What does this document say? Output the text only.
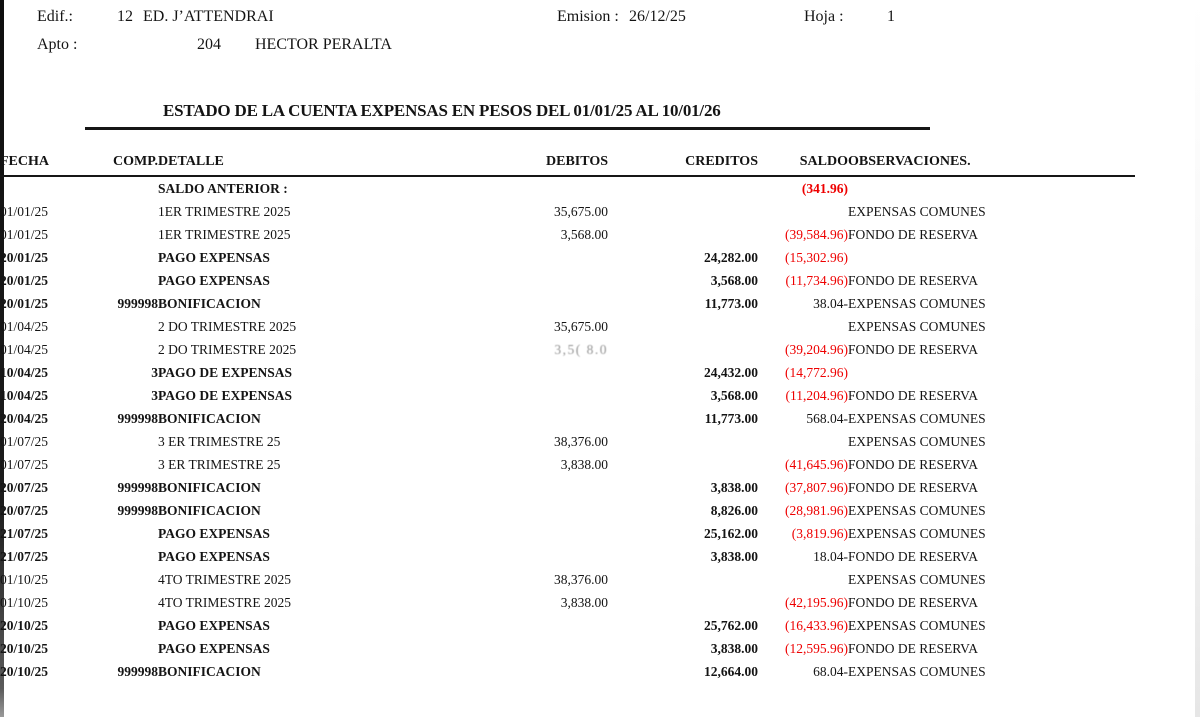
Edif.:	12 ED. J’ATTENDRAI	Emision : 26/12/25	Hoja :	1
Apto :	204 HECTOR PERALTA
ESTADO DE LA CUENTA EXPENSAS EN PESOS DEL 01/01/25 AL 10/01/26
FECHA	COMP.	DETALLE	DEBITOS	CREDITOS	SALDO	OBSERVACIONES.
		SALDO ANTERIOR :			(341.96)	
01/01/25		1ER TRIMESTRE 2025	35,675.00			EXPENSAS COMUNES
01/01/25		1ER TRIMESTRE 2025	3,568.00		(39,584.96)	FONDO DE RESERVA
20/01/25		PAGO EXPENSAS		24,282.00	(15,302.96)	
20/01/25		PAGO EXPENSAS		3,568.00	(11,734.96)	FONDO DE RESERVA
20/01/25	999998	BONIFICACION		11,773.00	38.04-	EXPENSAS COMUNES
01/04/25		2 DO TRIMESTRE 2025	35,675.00			EXPENSAS COMUNES
01/04/25		2 DO TRIMESTRE 2025	3,5( 8.0		(39,204.96)	FONDO DE RESERVA
10/04/25	3	PAGO DE EXPENSAS		24,432.00	(14,772.96)	
10/04/25	3	PAGO DE EXPENSAS		3,568.00	(11,204.96)	FONDO DE RESERVA
20/04/25	999998	BONIFICACION		11,773.00	568.04-	EXPENSAS COMUNES
01/07/25		3 ER TRIMESTRE 25	38,376.00			EXPENSAS COMUNES
01/07/25		3 ER TRIMESTRE 25	3,838.00		(41,645.96)	FONDO DE RESERVA
20/07/25	999998	BONIFICACION		3,838.00	(37,807.96)	FONDO DE RESERVA
20/07/25	999998	BONIFICACION		8,826.00	(28,981.96)	EXPENSAS COMUNES
21/07/25		PAGO EXPENSAS		25,162.00	(3,819.96)	EXPENSAS COMUNES
21/07/25		PAGO EXPENSAS		3,838.00	18.04-	FONDO DE RESERVA
01/10/25		4TO TRIMESTRE 2025	38,376.00			EXPENSAS COMUNES
01/10/25		4TO TRIMESTRE 2025	3,838.00		(42,195.96)	FONDO DE RESERVA
20/10/25		PAGO EXPENSAS		25,762.00	(16,433.96)	EXPENSAS COMUNES
20/10/25		PAGO EXPENSAS		3,838.00	(12,595.96)	FONDO DE RESERVA
20/10/25	999998	BONIFICACION		12,664.00	68.04-	EXPENSAS COMUNES
